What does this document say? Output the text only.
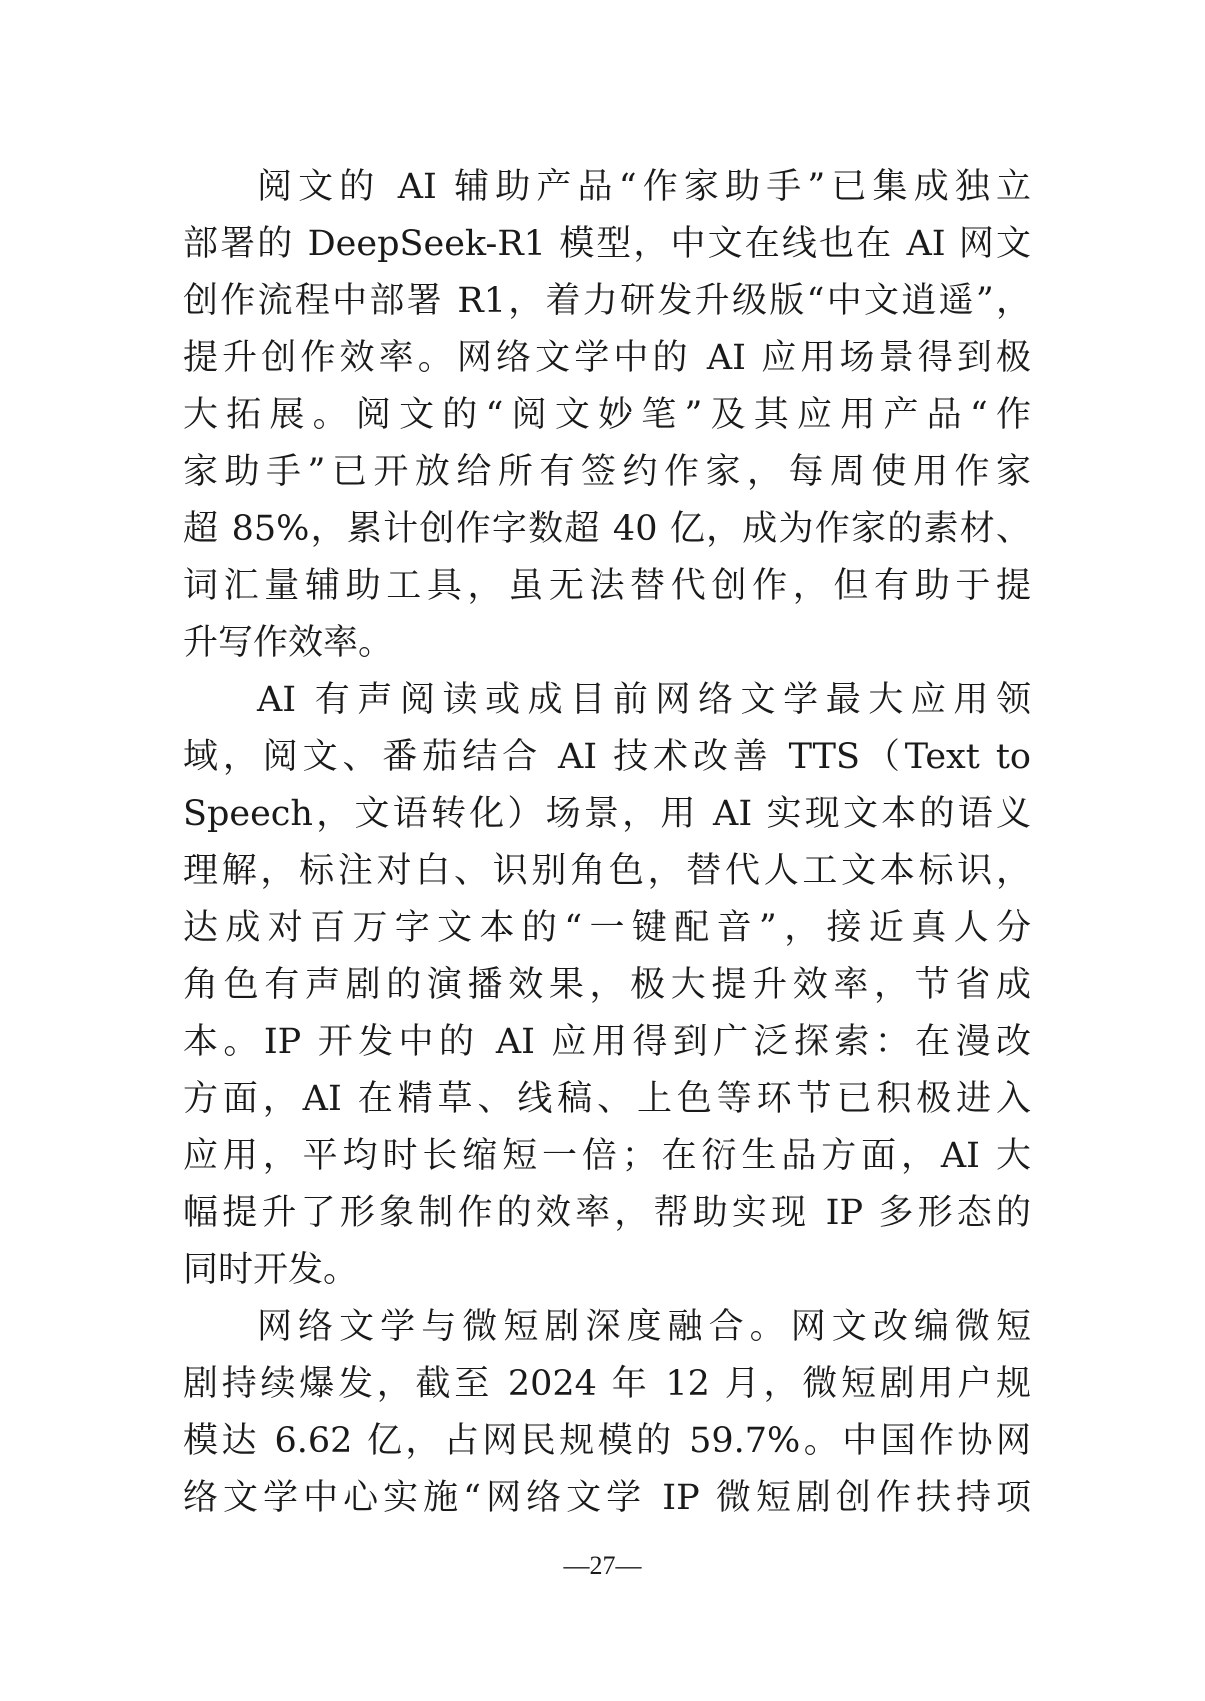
阅文的 AI 辅助产品“作家助手”已集成独立
部署的 DeepSeek-R1 模型，中文在线也在 AI 网文
创作流程中部署 R1，着力研发升级版“中文逍遥”，
提升创作效率。网络文学中的 AI 应用场景得到极
大拓展。阅文的“阅文妙笔”及其应用产品“作
家助手”已开放给所有签约作家，每周使用作家
超 85%，累计创作字数超 40 亿，成为作家的素材、
词汇量辅助工具，虽无法替代创作，但有助于提
升写作效率。
AI 有声阅读或成目前网络文学最大应用领
域，阅文、番茄结合 AI 技术改善 TTS（Text to
Speech，文语转化）场景，用 AI 实现文本的语义
理解，标注对白、识别角色，替代人工文本标识，
达成对百万字文本的“一键配音”，接近真人分
角色有声剧的演播效果，极大提升效率，节省成
本。IP 开发中的 AI 应用得到广泛探索：在漫改
方面，AI 在精草、线稿、上色等环节已积极进入
应用，平均时长缩短一倍；在衍生品方面，AI 大
幅提升了形象制作的效率，帮助实现 IP 多形态的
同时开发。
网络文学与微短剧深度融合。网文改编微短
剧持续爆发，截至 2024 年 12 月，微短剧用户规
模达 6.62 亿，占网民规模的 59.7%。中国作协网
络文学中心实施“网络文学 IP 微短剧创作扶持项
—27—
